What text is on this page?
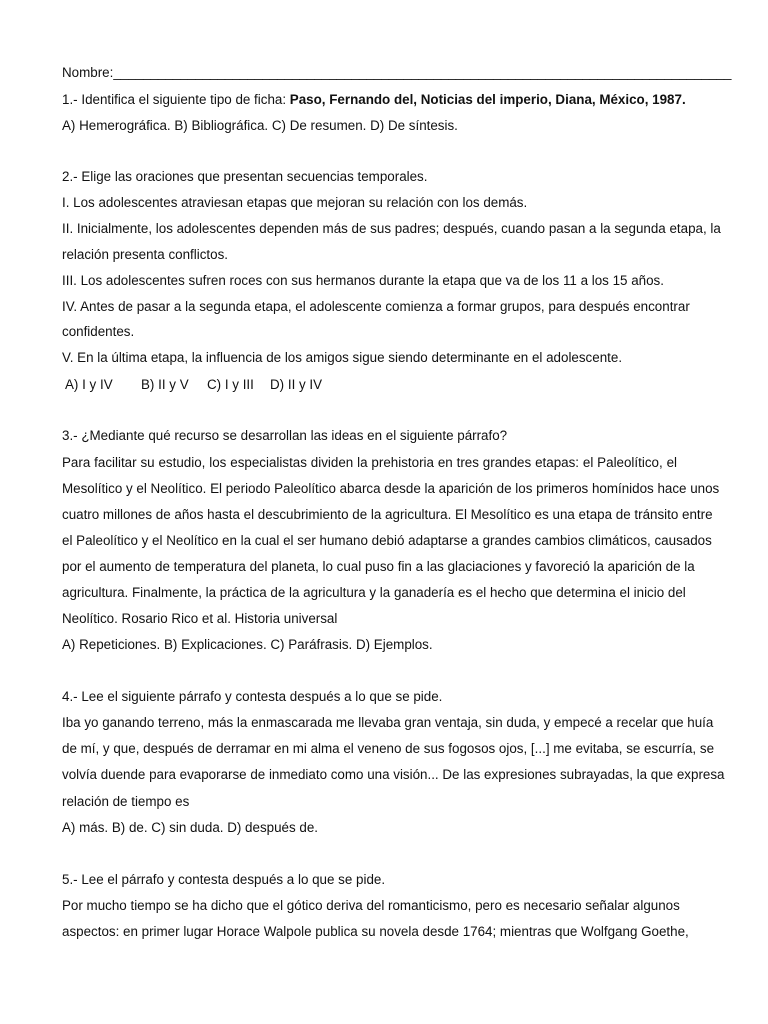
Nombre:___________________________________________________________________________________
1.- Identifica el siguiente tipo de ficha: Paso, Fernando del, Noticias del imperio, Diana, México, 1987.
A) Hemerográfica. B) Bibliográfica. C) De resumen. D) De síntesis.
2.- Elige las oraciones que presentan secuencias temporales.
I. Los adolescentes atraviesan etapas que mejoran su relación con los demás.
II. Inicialmente, los adolescentes dependen más de sus padres; después, cuando pasan a la segunda etapa, la
relación presenta conflictos.
III. Los adolescentes sufren roces con sus hermanos durante la etapa que va de los 11 a los 15 años.
IV. Antes de pasar a la segunda etapa, el adolescente comienza a formar grupos, para después encontrar
confidentes.
V. En la última etapa, la influencia de los amigos sigue siendo determinante en el adolescente.
A) I y IV B) II y V C) I y III D) II y IV
3.- ¿Mediante qué recurso se desarrollan las ideas en el siguiente párrafo?
Para facilitar su estudio, los especialistas dividen la prehistoria en tres grandes etapas: el Paleolítico, el
Mesolítico y el Neolítico. El periodo Paleolítico abarca desde la aparición de los primeros homínidos hace unos
cuatro millones de años hasta el descubrimiento de la agricultura. El Mesolítico es una etapa de tránsito entre
el Paleolítico y el Neolítico en la cual el ser humano debió adaptarse a grandes cambios climáticos, causados
por el aumento de temperatura del planeta, lo cual puso fin a las glaciaciones y favoreció la aparición de la
agricultura. Finalmente, la práctica de la agricultura y la ganadería es el hecho que determina el inicio del
Neolítico. Rosario Rico et al. Historia universal
A) Repeticiones. B) Explicaciones. C) Paráfrasis. D) Ejemplos.
4.- Lee el siguiente párrafo y contesta después a lo que se pide.
Iba yo ganando terreno, más la enmascarada me llevaba gran ventaja, sin duda, y empecé a recelar que huía
de mí, y que, después de derramar en mi alma el veneno de sus fogosos ojos, [...] me evitaba, se escurría, se
volvía duende para evaporarse de inmediato como una visión... De las expresiones subrayadas, la que expresa
relación de tiempo es
A) más. B) de. C) sin duda. D) después de.
5.- Lee el párrafo y contesta después a lo que se pide.
Por mucho tiempo se ha dicho que el gótico deriva del romanticismo, pero es necesario señalar algunos
aspectos: en primer lugar Horace Walpole publica su novela desde 1764; mientras que Wolfgang Goethe,
